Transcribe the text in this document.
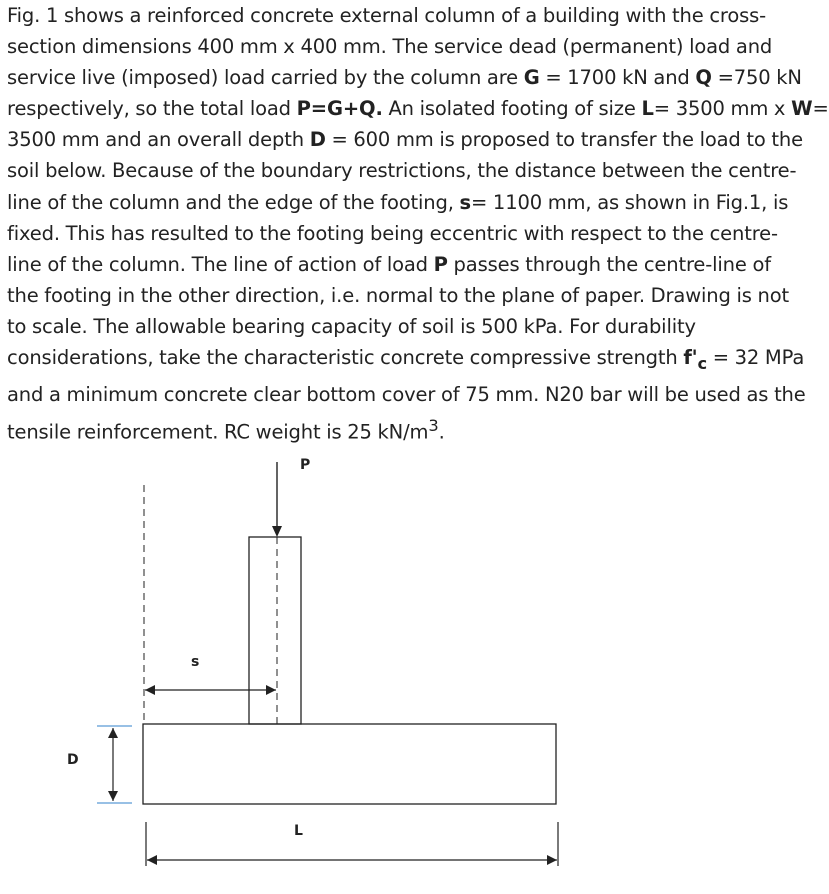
Fig. 1 shows a reinforced concrete external column of a building with the cross-
section dimensions 400 mm x 400 mm. The service dead (permanent) load and
service live (imposed) load carried by the column are G = 1700 kN and Q =750 kN
respectively, so the total load P=G+Q. An isolated footing of size L= 3500 mm x W=
3500 mm and an overall depth D = 600 mm is proposed to transfer the load to the
soil below. Because of the boundary restrictions, the distance between the centre-
line of the column and the edge of the footing, s= 1100 mm, as shown in Fig.1, is
fixed. This has resulted to the footing being eccentric with respect to the centre-
line of the column. The line of action of load P passes through the centre-line of
the footing in the other direction, i.e. normal to the plane of paper. Drawing is not
to scale. The allowable bearing capacity of soil is 500 kPa. For durability
considerations, take the characteristic concrete compressive strength $f'_c = 32$ MPa
and a minimum concrete clear bottom cover of 75 mm. N20 bar will be used as the
tensile reinforcement. RC weight is 25 $kN/m^3$.
P
s
D
L
